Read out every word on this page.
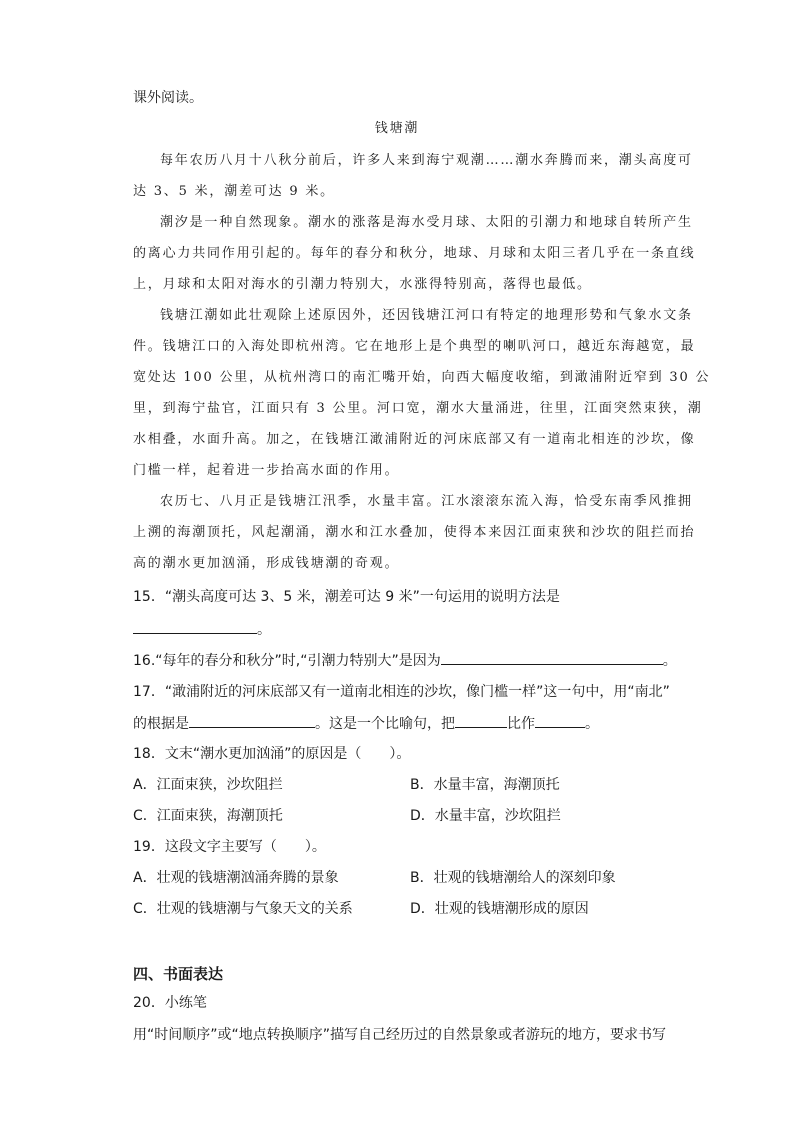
课外阅读。
钱塘潮
每年农历八月十八秋分前后，许多人来到海宁观潮……潮水奔腾而来，潮头高度可
达 3、5 米，潮差可达 9 米。
潮汐是一种自然现象。潮水的涨落是海水受月球、太阳的引潮力和地球自转所产生
的离心力共同作用引起的。每年的春分和秋分，地球、月球和太阳三者几乎在一条直线
上，月球和太阳对海水的引潮力特别大，水涨得特别高，落得也最低。
钱塘江潮如此壮观除上述原因外，还因钱塘江河口有特定的地理形势和气象水文条
件。钱塘江口的入海处即杭州湾。它在地形上是个典型的喇叭河口，越近东海越宽，最
宽处达 100 公里，从杭州湾口的南汇嘴开始，向西大幅度收缩，到澉浦附近窄到 30 公
里，到海宁盐官，江面只有 3 公里。河口宽，潮水大量涌进，往里，江面突然束狭，潮
水相叠，水面升高。加之，在钱塘江澉浦附近的河床底部又有一道南北相连的沙坎，像
门槛一样，起着进一步抬高水面的作用。
农历七、八月正是钱塘江汛季，水量丰富。江水滚滚东流入海，恰受东南季风推拥
上溯的海潮顶托，风起潮涌，潮水和江水叠加，使得本来因江面束狭和沙坎的阻拦而抬
高的潮水更加汹涌，形成钱塘潮的奇观。
15．“潮头高度可达 3、5 米，潮差可达 9 米”一句运用的说明方法是
。
16.“每年的春分和秋分”时,“引潮力特别大”是因为	。
17．“澉浦附近的河床底部又有一道南北相连的沙坎，像门槛一样”这一句中，用“南北”
的根据是	。这是一个比喻句，把	比作	。
18．文末“潮水更加汹涌”的原因是（　　）。
A．江面束狭，沙坎阻拦	B．水量丰富，海潮顶托
C．江面束狭，海潮顶托	D．水量丰富，沙坎阻拦
19．这段文字主要写（　　）。
A．壮观的钱塘潮汹涌奔腾的景象	B．壮观的钱塘潮给人的深刻印象
C．壮观的钱塘潮与气象天文的关系	D．壮观的钱塘潮形成的原因
四、书面表达
20．小练笔
用“时间顺序”或“地点转换顺序”描写自己经历过的自然景象或者游玩的地方，要求书写
